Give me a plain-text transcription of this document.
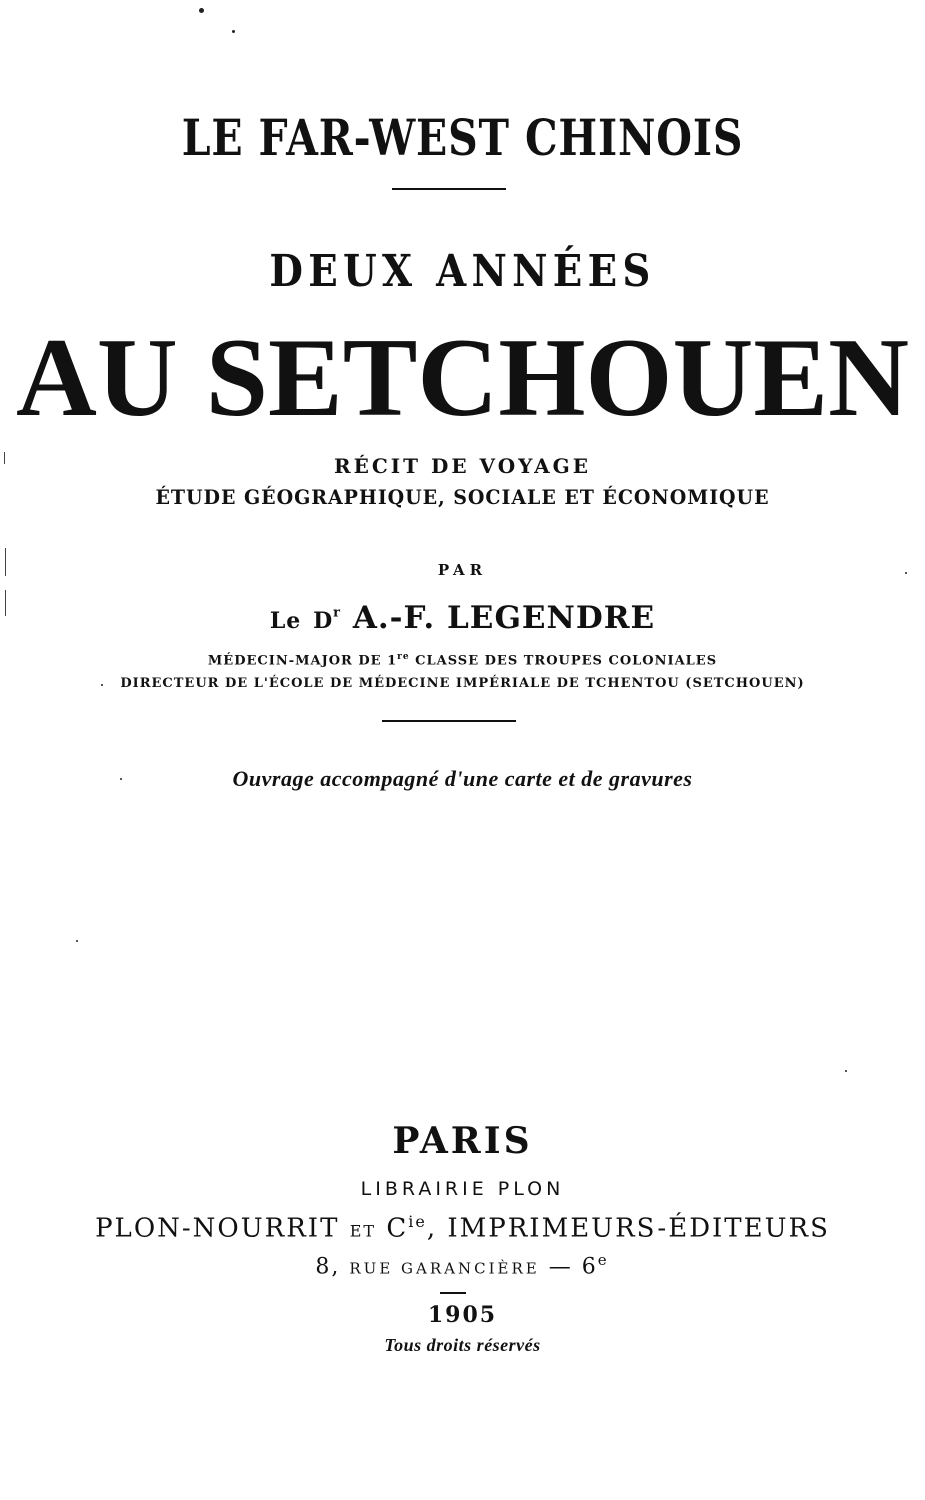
LE FAR-WEST CHINOIS
DEUX ANNÉES
AU SETCHOUEN
RÉCIT DE VOYAGE
ÉTUDE GÉOGRAPHIQUE, SOCIALE ET ÉCONOMIQUE
PAR
Le $D^r$ A.-F. LEGENDRE
MÉDECIN-MAJOR DE 1re CLASSE DES TROUPES COLONIALES
DIRECTEUR DE L'ÉCOLE DE MÉDECINE IMPÉRIALE DE TCHENTOU (SETCHOUEN)
Ouvrage accompagné d'une carte et de gravures
PARIS
LIBRAIRIE PLON
PLON-NOURRIT ET $C^{ie}$, IMPRIMEURS-ÉDITEURS
8, RUE GARANCIÈRE — 6e
1905
Tous droits réservés
